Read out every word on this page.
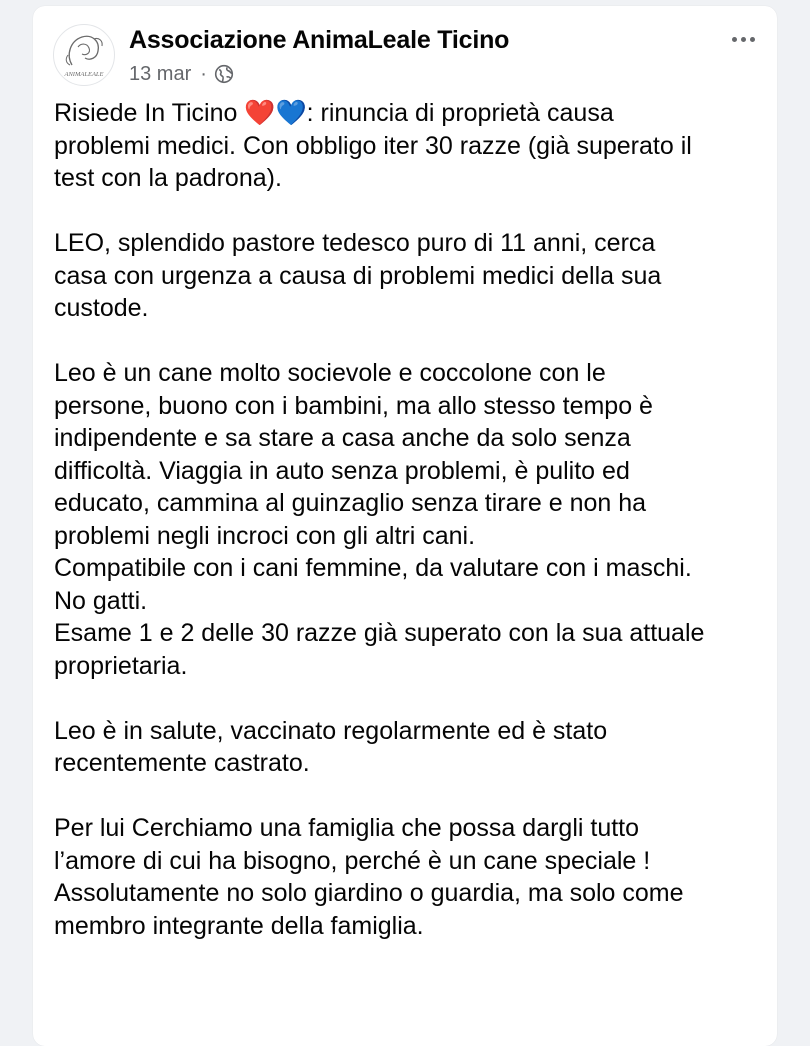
ANIMALEALE
Associazione AnimaLeale Ticino
13 mar ·

Risiede In Ticino ❤️💙: rinuncia di proprietà causa
problemi medici. Con obbligo iter 30 razze (già superato il
test con la padrona).

LEO, splendido pastore tedesco puro di 11 anni, cerca
casa con urgenza a causa di problemi medici della sua
custode.

Leo è un cane molto socievole e coccolone con le
persone, buono con i bambini, ma allo stesso tempo è
indipendente e sa stare a casa anche da solo senza
difficoltà. Viaggia in auto senza problemi, è pulito ed
educato, cammina al guinzaglio senza tirare e non ha
problemi negli incroci con gli altri cani.
Compatibile con i cani femmine, da valutare con i maschi.
No gatti.
Esame 1 e 2 delle 30 razze già superato con la sua attuale
proprietaria.

Leo è in salute, vaccinato regolarmente ed è stato
recentemente castrato.

Per lui Cerchiamo una famiglia che possa dargli tutto
l’amore di cui ha bisogno, perché è un cane speciale !
Assolutamente no solo giardino o guardia, ma solo come
membro integrante della famiglia.
